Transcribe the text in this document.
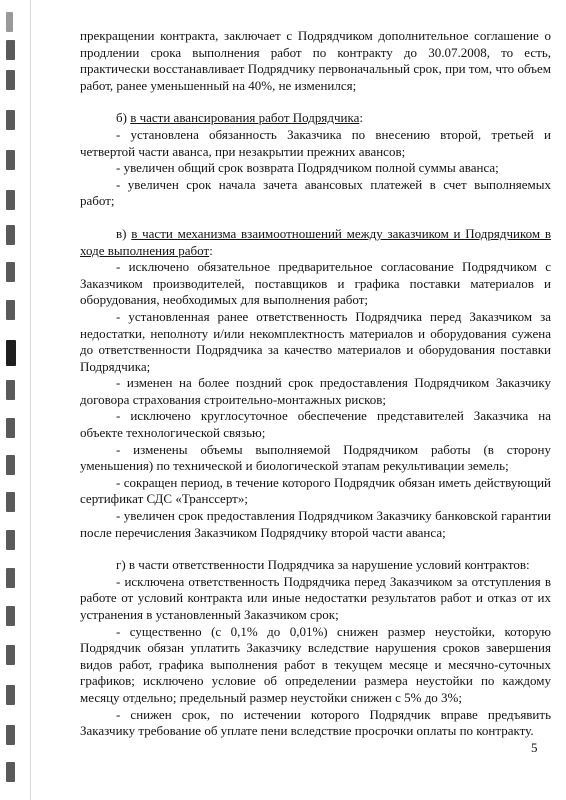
прекращении контракта, заключает с Подрядчиком дополнительное соглашение о продлении срока выполнения работ по контракту до 30.07.2008, то есть, практически восстанавливает Подрядчику первоначальный срок, при том, что объем работ, ранее уменьшенный на 40%, не изменился;

б) в части авансирования работ Подрядчика:

- установлена обязанность Заказчика по внесению второй, третьей и четвертой части аванса, при незакрытии прежних авансов;

- увеличен общий срок возврата Подрядчиком полной суммы аванса;

- увеличен срок начала зачета авансовых платежей в счет выполняемых работ;

в) в части механизма взаимоотношений между заказчиком и Подрядчиком в ходе выполнения работ:

- исключено обязательное предварительное согласование Подрядчиком с Заказчиком производителей, поставщиков и графика поставки материалов и оборудования, необходимых для выполнения работ;

- установленная ранее ответственность Подрядчика перед Заказчиком за недостатки, неполноту и/или некомплектность материалов и оборудования сужена до ответственности Подрядчика за качество материалов и оборудования поставки Подрядчика;

- изменен на более поздний срок предоставления Подрядчиком Заказчику договора страхования строительно-монтажных рисков;

- исключено круглосуточное обеспечение представителей Заказчика на объекте технологической связью;

- изменены объемы выполняемой Подрядчиком работы (в сторону уменьшения) по технической и биологической этапам рекультивации земель;

- сокращен период, в течение которого Подрядчик обязан иметь действующий сертификат СДС «Трансcерт»;

- увеличен срок предоставления Подрядчиком Заказчику банковской гарантии после перечисления Заказчиком Подрядчику второй части аванса;

г) в части ответственности Подрядчика за нарушение условий контрактов:

- исключена ответственность Подрядчика перед Заказчиком за отступления в работе от условий контракта или иные недостатки результатов работ и отказ от их устранения в установленный Заказчиком срок;

- существенно (с 0,1% до 0,01%) снижен размер неустойки, которую Подрядчик обязан уплатить Заказчику вследствие нарушения сроков завершения видов работ, графика выполнения работ в текущем месяце и месячно-суточных графиков; исключено условие об определении размера неустойки по каждому месяцу отдельно; предельный размер неустойки снижен с 5% до 3%;

- снижен срок, по истечении которого Подрядчик вправе предъявить Заказчику требование об уплате пени вследствие просрочки оплаты по контракту.

5
